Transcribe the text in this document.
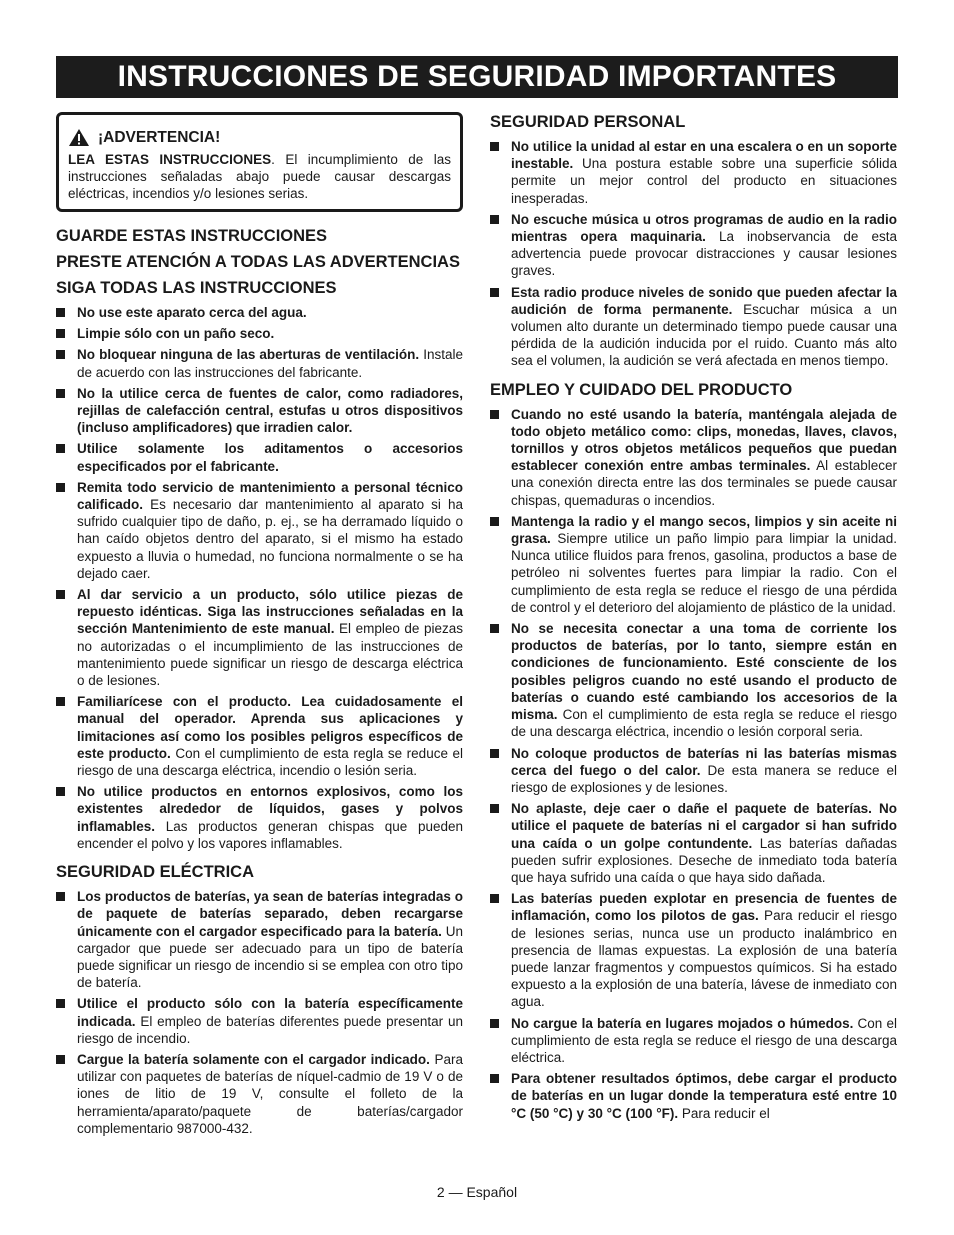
INSTRUCCIONES DE SEGURIDAD IMPORTANTES
¡ADVERTENCIA!
LEA ESTAS INSTRUCCIONES. El incumplimiento de las instrucciones señaladas abajo puede causar descargas eléctricas, incendios y/o lesiones serias.
GUARDE ESTAS INSTRUCCIONES
PRESTE ATENCIÓN A TODAS LAS ADVERTENCIAS
SIGA TODAS LAS INSTRUCCIONES
No use este aparato cerca del agua.
Limpie sólo con un paño seco.
No bloquear ninguna de las aberturas de ventilación. Instale de acuerdo con las instrucciones del fabricante.
No la utilice cerca de fuentes de calor, como radiadores, rejillas de calefacción central, estufas u otros dispositivos (incluso amplificadores) que irradien calor.
Utilice solamente los aditamentos o accesorios especificados por el fabricante.
Remita todo servicio de mantenimiento a personal técnico calificado. Es necesario dar mantenimiento al aparato si ha sufrido cualquier tipo de daño, p. ej., se ha derramado líquido o han caído objetos dentro del aparato, si el mismo ha estado expuesto a lluvia o humedad, no funciona normalmente o se ha dejado caer.
Al dar servicio a un producto, sólo utilice piezas de repuesto idénticas. Siga las instrucciones señaladas en la sección Mantenimiento de este manual. El empleo de piezas no autorizadas o el incumplimiento de las instrucciones de mantenimiento puede significar un riesgo de descarga eléctrica o de lesiones.
Familiarícese con el producto. Lea cuidadosamente el manual del operador. Aprenda sus aplicaciones y limitaciones así como los posibles peligros específicos de este producto. Con el cumplimiento de esta regla se reduce el riesgo de una descarga eléctrica, incendio o lesión seria.
No utilice productos en entornos explosivos, como los existentes alrededor de líquidos, gases y polvos inflamables. Las productos generan chispas que pueden encender el polvo y los vapores inflamables.
SEGURIDAD ELÉCTRICA
Los productos de baterías, ya sean de baterías integradas o de paquete de baterías separado, deben recargarse únicamente con el cargador especificado para la batería. Un cargador que puede ser adecuado para un tipo de batería puede significar un riesgo de incendio si se emplea con otro tipo de batería.
Utilice el producto sólo con la batería específicamente indicada. El empleo de baterías diferentes puede presentar un riesgo de incendio.
Cargue la batería solamente con el cargador indicado. Para utilizar con paquetes de baterías de níquel-cadmio de 19 V o de iones de litio de 19 V, consulte el folleto de la herramienta/aparato/paquete de baterías/cargador complementario 987000-432.
SEGURIDAD PERSONAL
No utilice la unidad al estar en una escalera o en un soporte inestable. Una postura estable sobre una superficie sólida permite un mejor control del producto en situaciones inesperadas.
No escuche música u otros programas de audio en la radio mientras opera maquinaria. La inobservancia de esta advertencia puede provocar distracciones y causar lesiones graves.
Esta radio produce niveles de sonido que pueden afectar la audición de forma permanente. Escuchar música a un volumen alto durante un determinado tiempo puede causar una pérdida de la audición inducida por el ruido. Cuanto más alto sea el volumen, la audición se verá afectada en menos tiempo.
EMPLEO Y CUIDADO DEL PRODUCTO
Cuando no esté usando la batería, manténgala alejada de todo objeto metálico como: clips, monedas, llaves, clavos, tornillos y otros objetos metálicos pequeños que puedan establecer conexión entre ambas terminales. Al establecer una conexión directa entre las dos terminales se puede causar chispas, quemaduras o incendios.
Mantenga la radio y el mango secos, limpios y sin aceite ni grasa. Siempre utilice un paño limpio para limpiar la unidad. Nunca utilice fluidos para frenos, gasolina, productos a base de petróleo ni solventes fuertes para limpiar la radio. Con el cumplimiento de esta regla se reduce el riesgo de una pérdida de control y el deterioro del alojamiento de plástico de la unidad.
No se necesita conectar a una toma de corriente los productos de baterías, por lo tanto, siempre están en condiciones de funcionamiento. Esté consciente de los posibles peligros cuando no esté usando el producto de baterías o cuando esté cambiando los accesorios de la misma. Con el cumplimiento de esta regla se reduce el riesgo de una descarga eléctrica, incendio o lesión corporal seria.
No coloque productos de baterías ni las baterías mismas cerca del fuego o del calor. De esta manera se reduce el riesgo de explosiones y de lesiones.
No aplaste, deje caer o dañe el paquete de baterías. No utilice el paquete de baterías ni el cargador si han sufrido una caída o un golpe contundente. Las baterías dañadas pueden sufrir explosiones. Deseche de inmediato toda batería que haya sufrido una caída o que haya sido dañada.
Las baterías pueden explotar en presencia de fuentes de inflamación, como los pilotos de gas. Para reducir el riesgo de lesiones serias, nunca use un producto inalámbrico en presencia de llamas expuestas. La explosión de una batería puede lanzar fragmentos y compuestos químicos. Si ha estado expuesto a la explosión de una batería, lávese de inmediato con agua.
No cargue la batería en lugares mojados o húmedos. Con el cumplimiento de esta regla se reduce el riesgo de una descarga eléctrica.
Para obtener resultados óptimos, debe cargar el producto de baterías en un lugar donde la temperatura esté entre 10 °C (50 °C) y 30 °C (100 °F). Para reducir el
2 — Español
